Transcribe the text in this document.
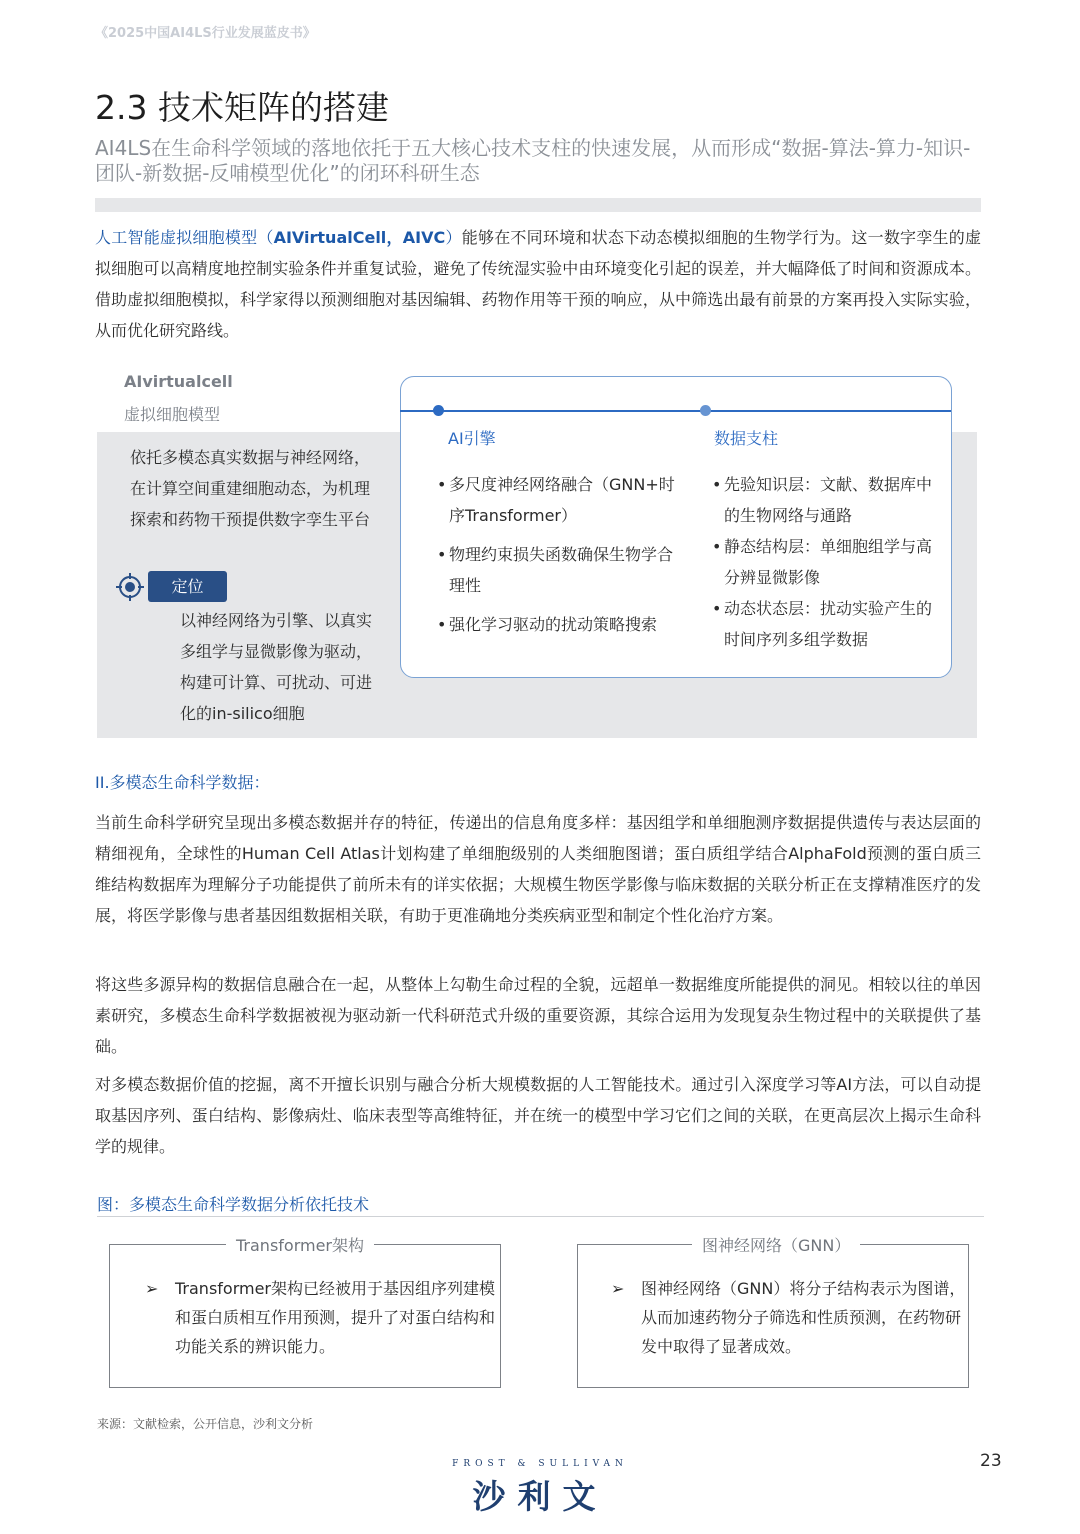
《2025中国AI4LS行业发展蓝皮书》
2.3 技术矩阵的搭建
AI4LS在生命科学领域的落地依托于五大核心技术支柱的快速发展，从而形成“数据-算法-算力-知识-团队-新数据-反哺模型优化”的闭环科研生态
人工智能虚拟细胞模型（AIVirtualCell，AIVC）能够在不同环境和状态下动态模拟细胞的生物学行为。这一数字孪生的虚拟细胞可以高精度地控制实验条件并重复试验，避免了传统湿实验中由环境变化引起的误差，并大幅降低了时间和资源成本。借助虚拟细胞模拟，科学家得以预测细胞对基因编辑、药物作用等干预的响应，从中筛选出最有前景的方案再投入实际实验，从而优化研究路线。
AIvirtualcell
虚拟细胞模型
依托多模态真实数据与神经网络，在计算空间重建细胞动态，为机理探索和药物干预提供数字孪生平台
定位
以神经网络为引擎、以真实多组学与显微影像为驱动，构建可计算、可扰动、可进化的in-silico细胞
AI引擎
• 多尺度神经网络融合（GNN+时序Transformer）
• 物理约束损失函数确保生物学合理性
• 强化学习驱动的扰动策略搜索
数据支柱
• 先验知识层：文献、数据库中的生物网络与通路
• 静态结构层：单细胞组学与高分辨显微影像
• 动态状态层：扰动实验产生的时间序列多组学数据
II.多模态生命科学数据：
当前生命科学研究呈现出多模态数据并存的特征，传递出的信息角度多样：基因组学和单细胞测序数据提供遗传与表达层面的精细视角，全球性的Human Cell Atlas计划构建了单细胞级别的人类细胞图谱；蛋白质组学结合AlphaFold预测的蛋白质三维结构数据库为理解分子功能提供了前所未有的详实依据；大规模生物医学影像与临床数据的关联分析正在支撑精准医疗的发展，将医学影像与患者基因组数据相关联，有助于更准确地分类疾病亚型和制定个性化治疗方案。
将这些多源异构的数据信息融合在一起，从整体上勾勒生命过程的全貌，远超单一数据维度所能提供的洞见。相较以往的单因素研究，多模态生命科学数据被视为驱动新一代科研范式升级的重要资源，其综合运用为发现复杂生物过程中的关联提供了基础。
对多模态数据价值的挖掘，离不开擅长识别与融合分析大规模数据的人工智能技术。通过引入深度学习等AI方法，可以自动提取基因序列、蛋白结构、影像病灶、临床表型等高维特征，并在统一的模型中学习它们之间的关联，在更高层次上揭示生命科学的规律。
图：多模态生命科学数据分析依托技术
Transformer架构
➢ Transformer架构已经被用于基因组序列建模和蛋白质相互作用预测，提升了对蛋白结构和功能关系的辨识能力。
图神经网络（GNN）
➢ 图神经网络（GNN）将分子结构表示为图谱，从而加速药物分子筛选和性质预测，在药物研发中取得了显著成效。
来源：文献检索，公开信息，沙利文分析
23
FROST & SULLIVAN
沙利文
